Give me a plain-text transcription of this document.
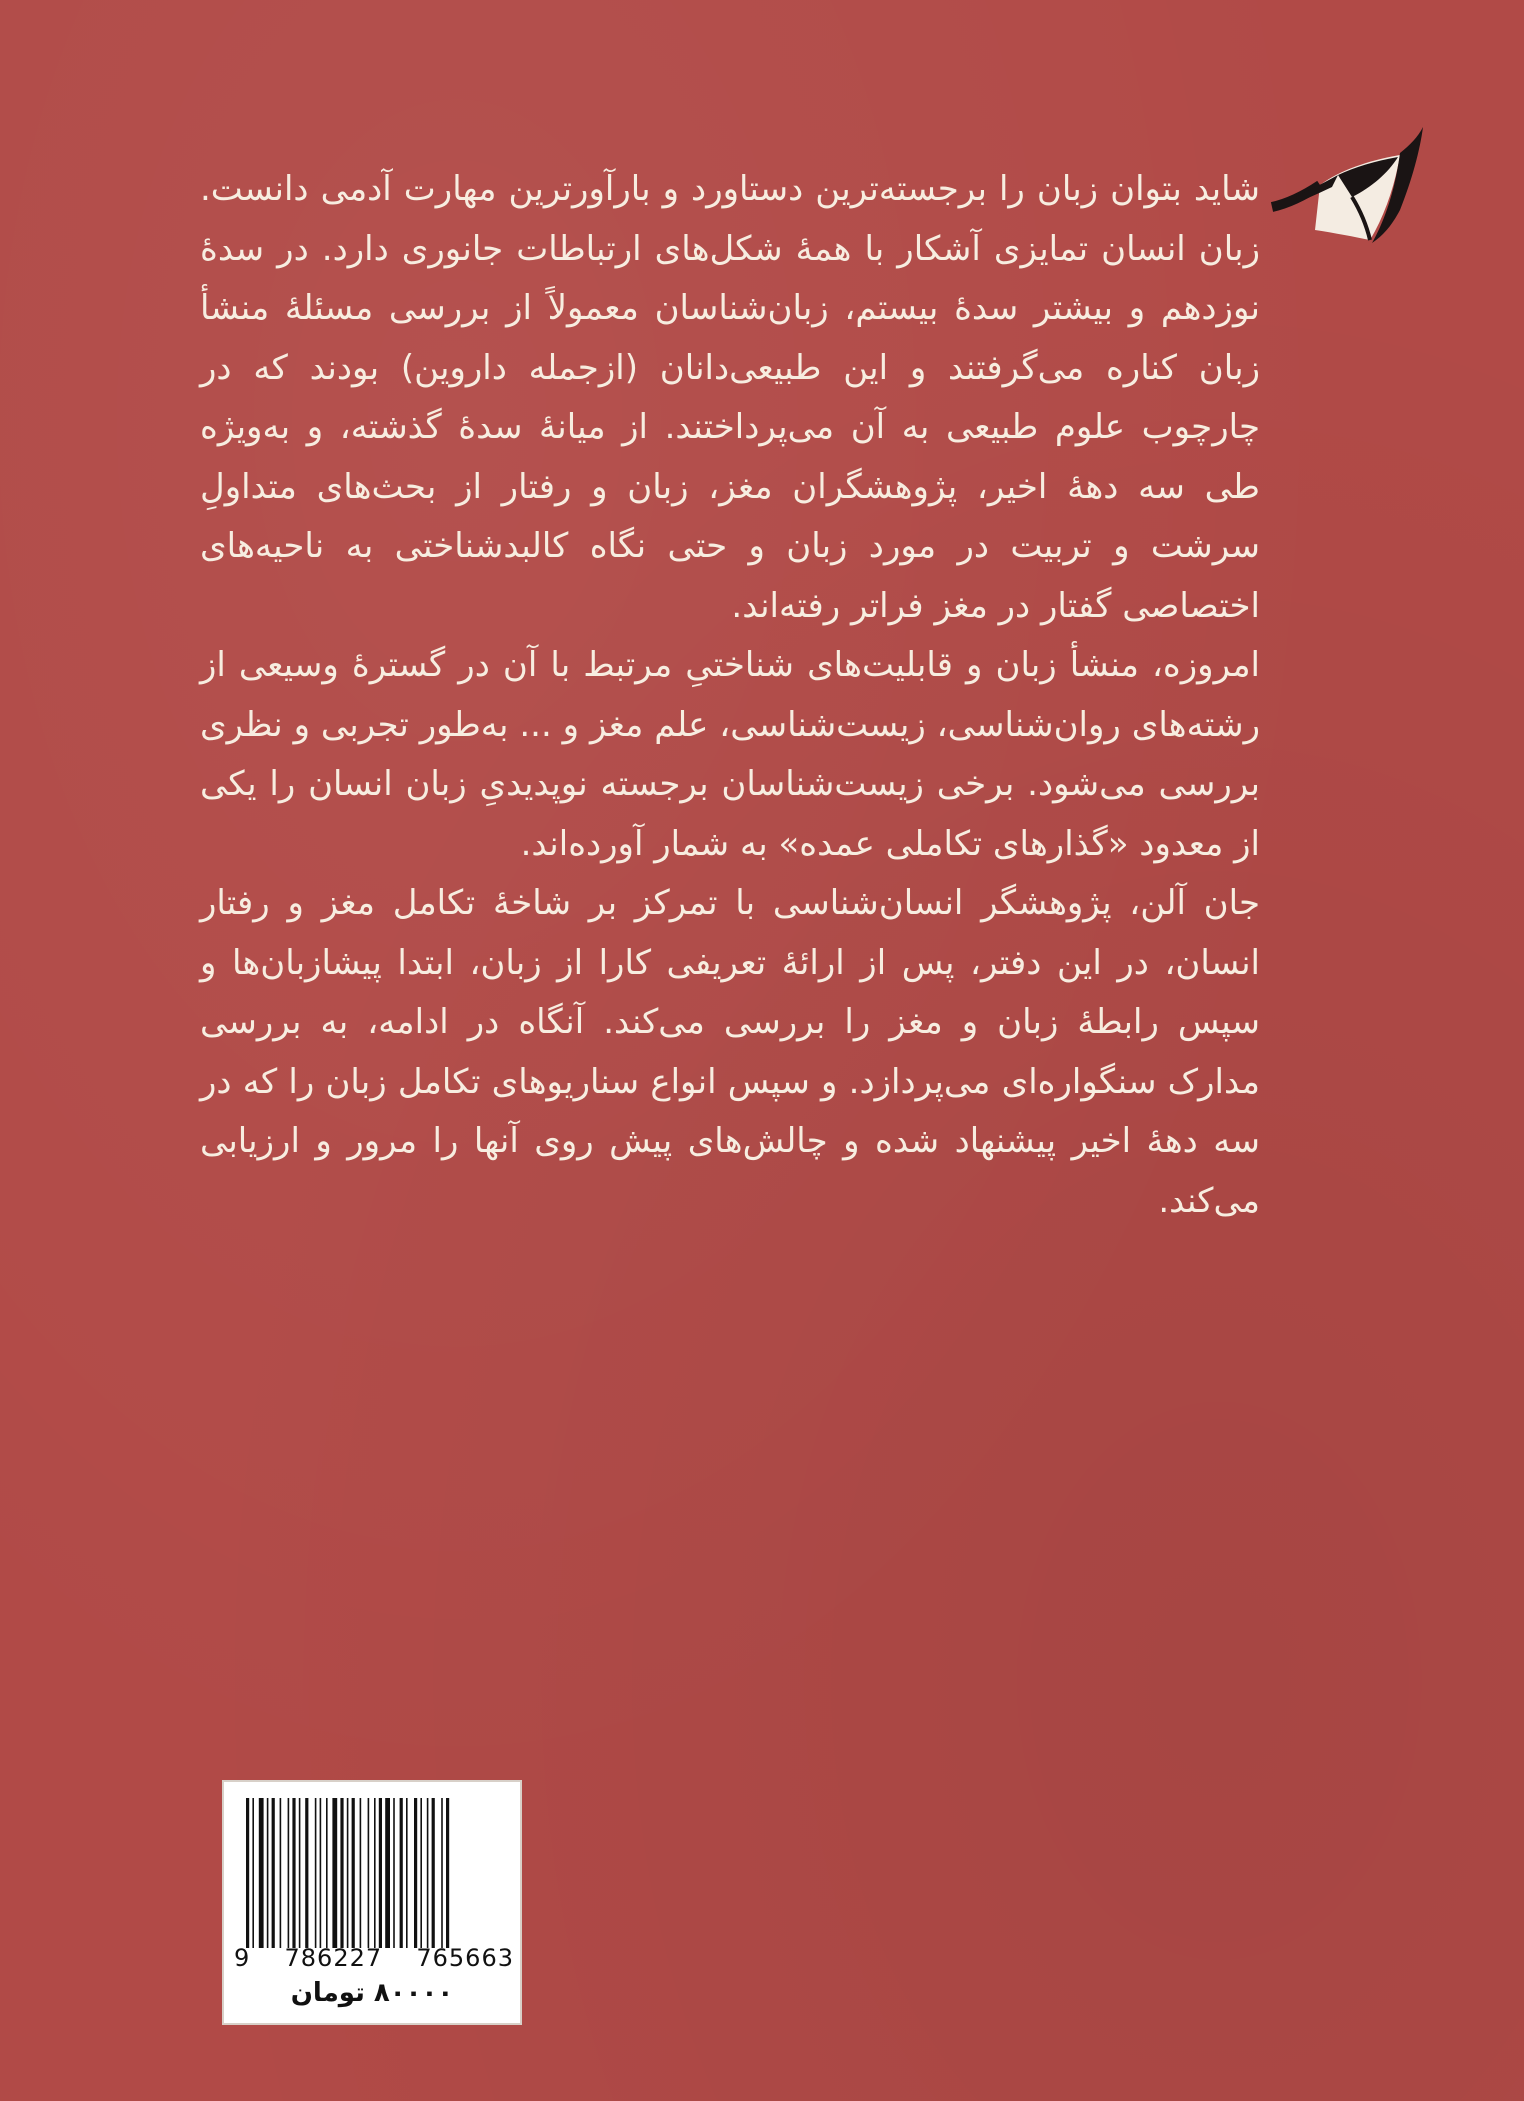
شاید بتوان زبان را برجسته‌ترین دستاورد و بارآورترین مهارت آدمی دانست. زبان انسان تمایزی آشکار با همهٔ شکل‌های ارتباطات جانوری دارد. در سدهٔ نوزدهم و بیشتر سدهٔ بیستم، زبان‌شناسان معمولاً از بررسی مسئلهٔ منشأ زبان کناره می‌گرفتند و این طبیعی‌دانان (ازجمله داروین) بودند که در چارچوب علوم طبیعی به آن می‌پرداختند. از میانهٔ سدهٔ گذشته، و به‌ویژه طی سه دههٔ اخیر، پژوهشگران مغز، زبان و رفتار از بحث‌های متداولِ سرشت و تربیت در مورد زبان و حتی نگاه کالبدشناختی به ناحیه‌های اختصاصی گفتار در مغز فراتر رفته‌اند.

امروزه، منشأ زبان و قابلیت‌های شناختیِ مرتبط با آن در گسترهٔ وسیعی از رشته‌های روان‌شناسی، زیست‌شناسی، علم مغز و ... به‌طور تجربی و نظری بررسی می‌شود. برخی زیست‌شناسان برجسته نوپدیدیِ زبان انسان را یکی از معدود «گذارهای تکاملی عمده» به شمار آورده‌اند.

جان آلن، پژوهشگر انسان‌شناسی با تمرکز بر شاخهٔ تکامل مغز و رفتار انسان، در این دفتر، پس از ارائهٔ تعریفی کارا از زبان، ابتدا پیشازبان‌ها و سپس رابطهٔ زبان و مغز را بررسی می‌کند. آنگاه در ادامه، به بررسی مدارک سنگواره‌ای می‌پردازد. و سپس انواع سناریوهای تکامل زبان را که در سه دههٔ اخیر پیشنهاد شده و چالش‌های پیش روی آنها را مرور و ارزیابی می‌کند.

9 786227 765663
۸۰۰۰۰ تومان
